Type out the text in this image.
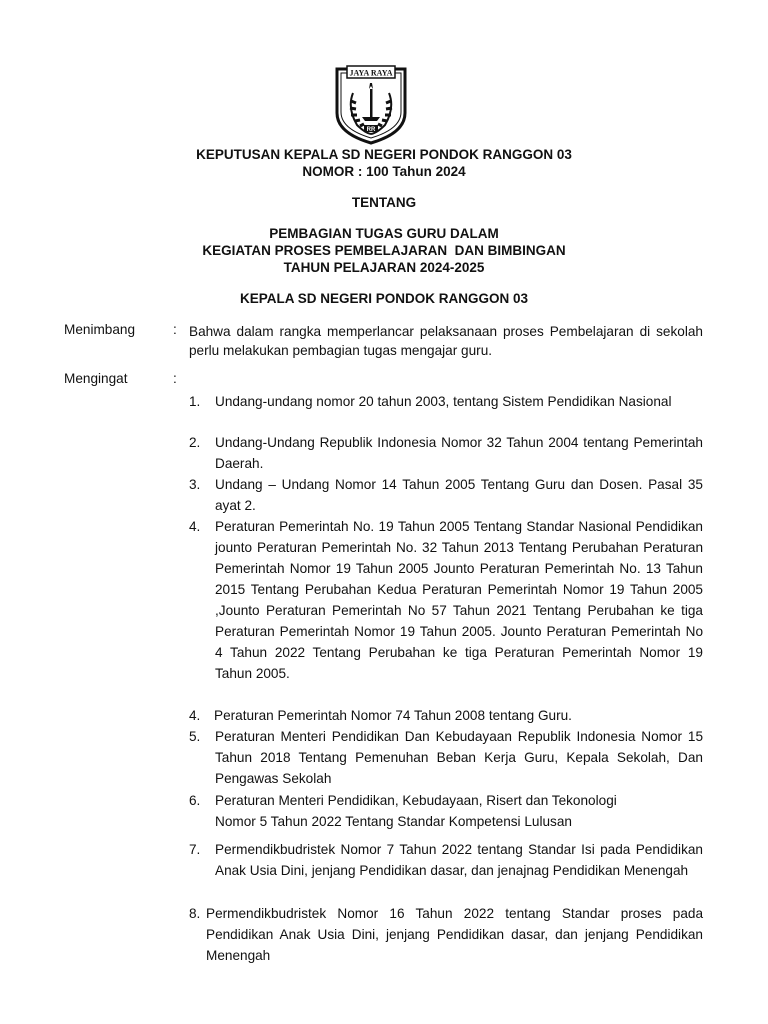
JAYA RAYA
RR
KEPUTUSAN KEPALA SD NEGERI PONDOK RANGGON 03
NOMOR : 100 Tahun 2024
TENTANG
PEMBAGIAN TUGAS GURU DALAM
KEGIATAN PROSES PEMBELAJARAN  DAN BIMBINGAN
TAHUN PELAJARAN 2024-2025
KEPALA SD NEGERI PONDOK RANGGON 03
Menimbang	: Bahwa dalam rangka memperlancar pelaksanaan proses Pembelajaran di sekolah perlu melakukan pembagian tugas mengajar guru.
Mengingat	:
1. Undang-undang nomor 20 tahun 2003, tentang Sistem Pendidikan Nasional
2. Undang-Undang Republik Indonesia Nomor 32 Tahun 2004 tentang Pemerintah Daerah.
3. Undang – Undang Nomor 14 Tahun 2005 Tentang Guru dan Dosen. Pasal 35 ayat 2.
4. Peraturan Pemerintah No. 19 Tahun 2005 Tentang Standar Nasional Pendidikan jounto Peraturan Pemerintah No. 32 Tahun 2013 Tentang Perubahan Peraturan Pemerintah Nomor 19 Tahun 2005 Jounto Peraturan Pemerintah No. 13 Tahun 2015 Tentang Perubahan Kedua Peraturan Pemerintah Nomor 19 Tahun 2005 ,Jounto Peraturan Pemerintah No 57 Tahun 2021 Tentang Perubahan ke tiga Peraturan Pemerintah Nomor 19 Tahun 2005. Jounto Peraturan Pemerintah No 4 Tahun 2022 Tentang Perubahan ke tiga Peraturan Pemerintah Nomor 19 Tahun 2005.
4. Peraturan Pemerintah Nomor 74 Tahun 2008 tentang Guru.
5. Peraturan Menteri Pendidikan Dan Kebudayaan Republik Indonesia Nomor 15 Tahun 2018 Tentang Pemenuhan Beban Kerja Guru, Kepala Sekolah, Dan Pengawas Sekolah
6. Peraturan Menteri Pendidikan, Kebudayaan, Risert dan Tekonologi Nomor 5 Tahun 2022 Tentang Standar Kompetensi Lulusan
7. Permendikbudristek Nomor 7 Tahun 2022 tentang Standar Isi pada Pendidikan Anak Usia Dini, jenjang Pendidikan dasar, dan jenajnag Pendidikan Menengah
8. Permendikbudristek Nomor 16 Tahun 2022 tentang Standar proses pada Pendidikan Anak Usia Dini, jenjang Pendidikan dasar, dan jenjang Pendidikan Menengah
